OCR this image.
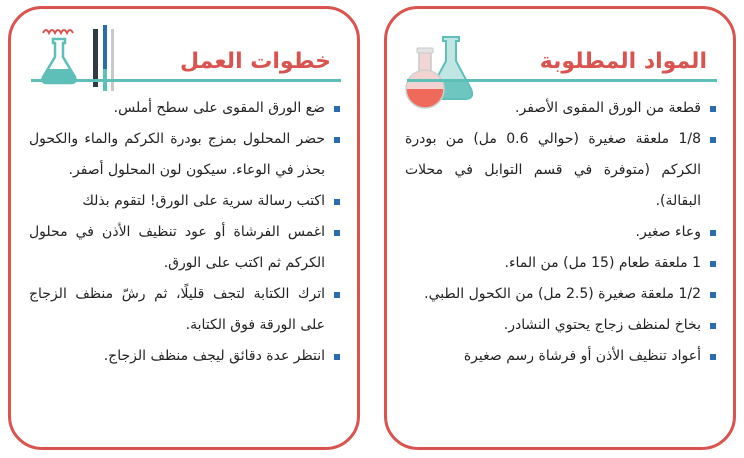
المواد المطلوبة
قطعة من الورق المقوى الأصفر.
1/8 ملعقة صغيرة (حوالي 0.6 مل) من بودرة الكركم (متوفرة في قسم التوابل في محلات البقالة).
وعاء صغير.
1 ملعقة طعام (15 مل) من الماء.
1/2 ملعقة صغيرة (2.5 مل) من الكحول الطبي.
بخاخ لمنظف زجاج يحتوي النشادر.
أعواد تنظيف الأذن أو فرشاة رسم صغيرة
خطوات العمل
ضع الورق المقوى على سطح أملس.
حضر المحلول بمزج بودرة الكركم والماء والكحول بحذر في الوعاء. سيكون لون المحلول أصفر.
اكتب رسالة سرية على الورق! لتقوم بذلك
اغمس الفرشاة أو عود تنظيف الأذن في محلول الكركم ثم اكتب على الورق.
اترك الكتابة لتجف قليلًا، ثم رشّ منظف الزجاج على الورقة فوق الكتابة.
انتظر عدة دقائق ليجف منظف الزجاج.
